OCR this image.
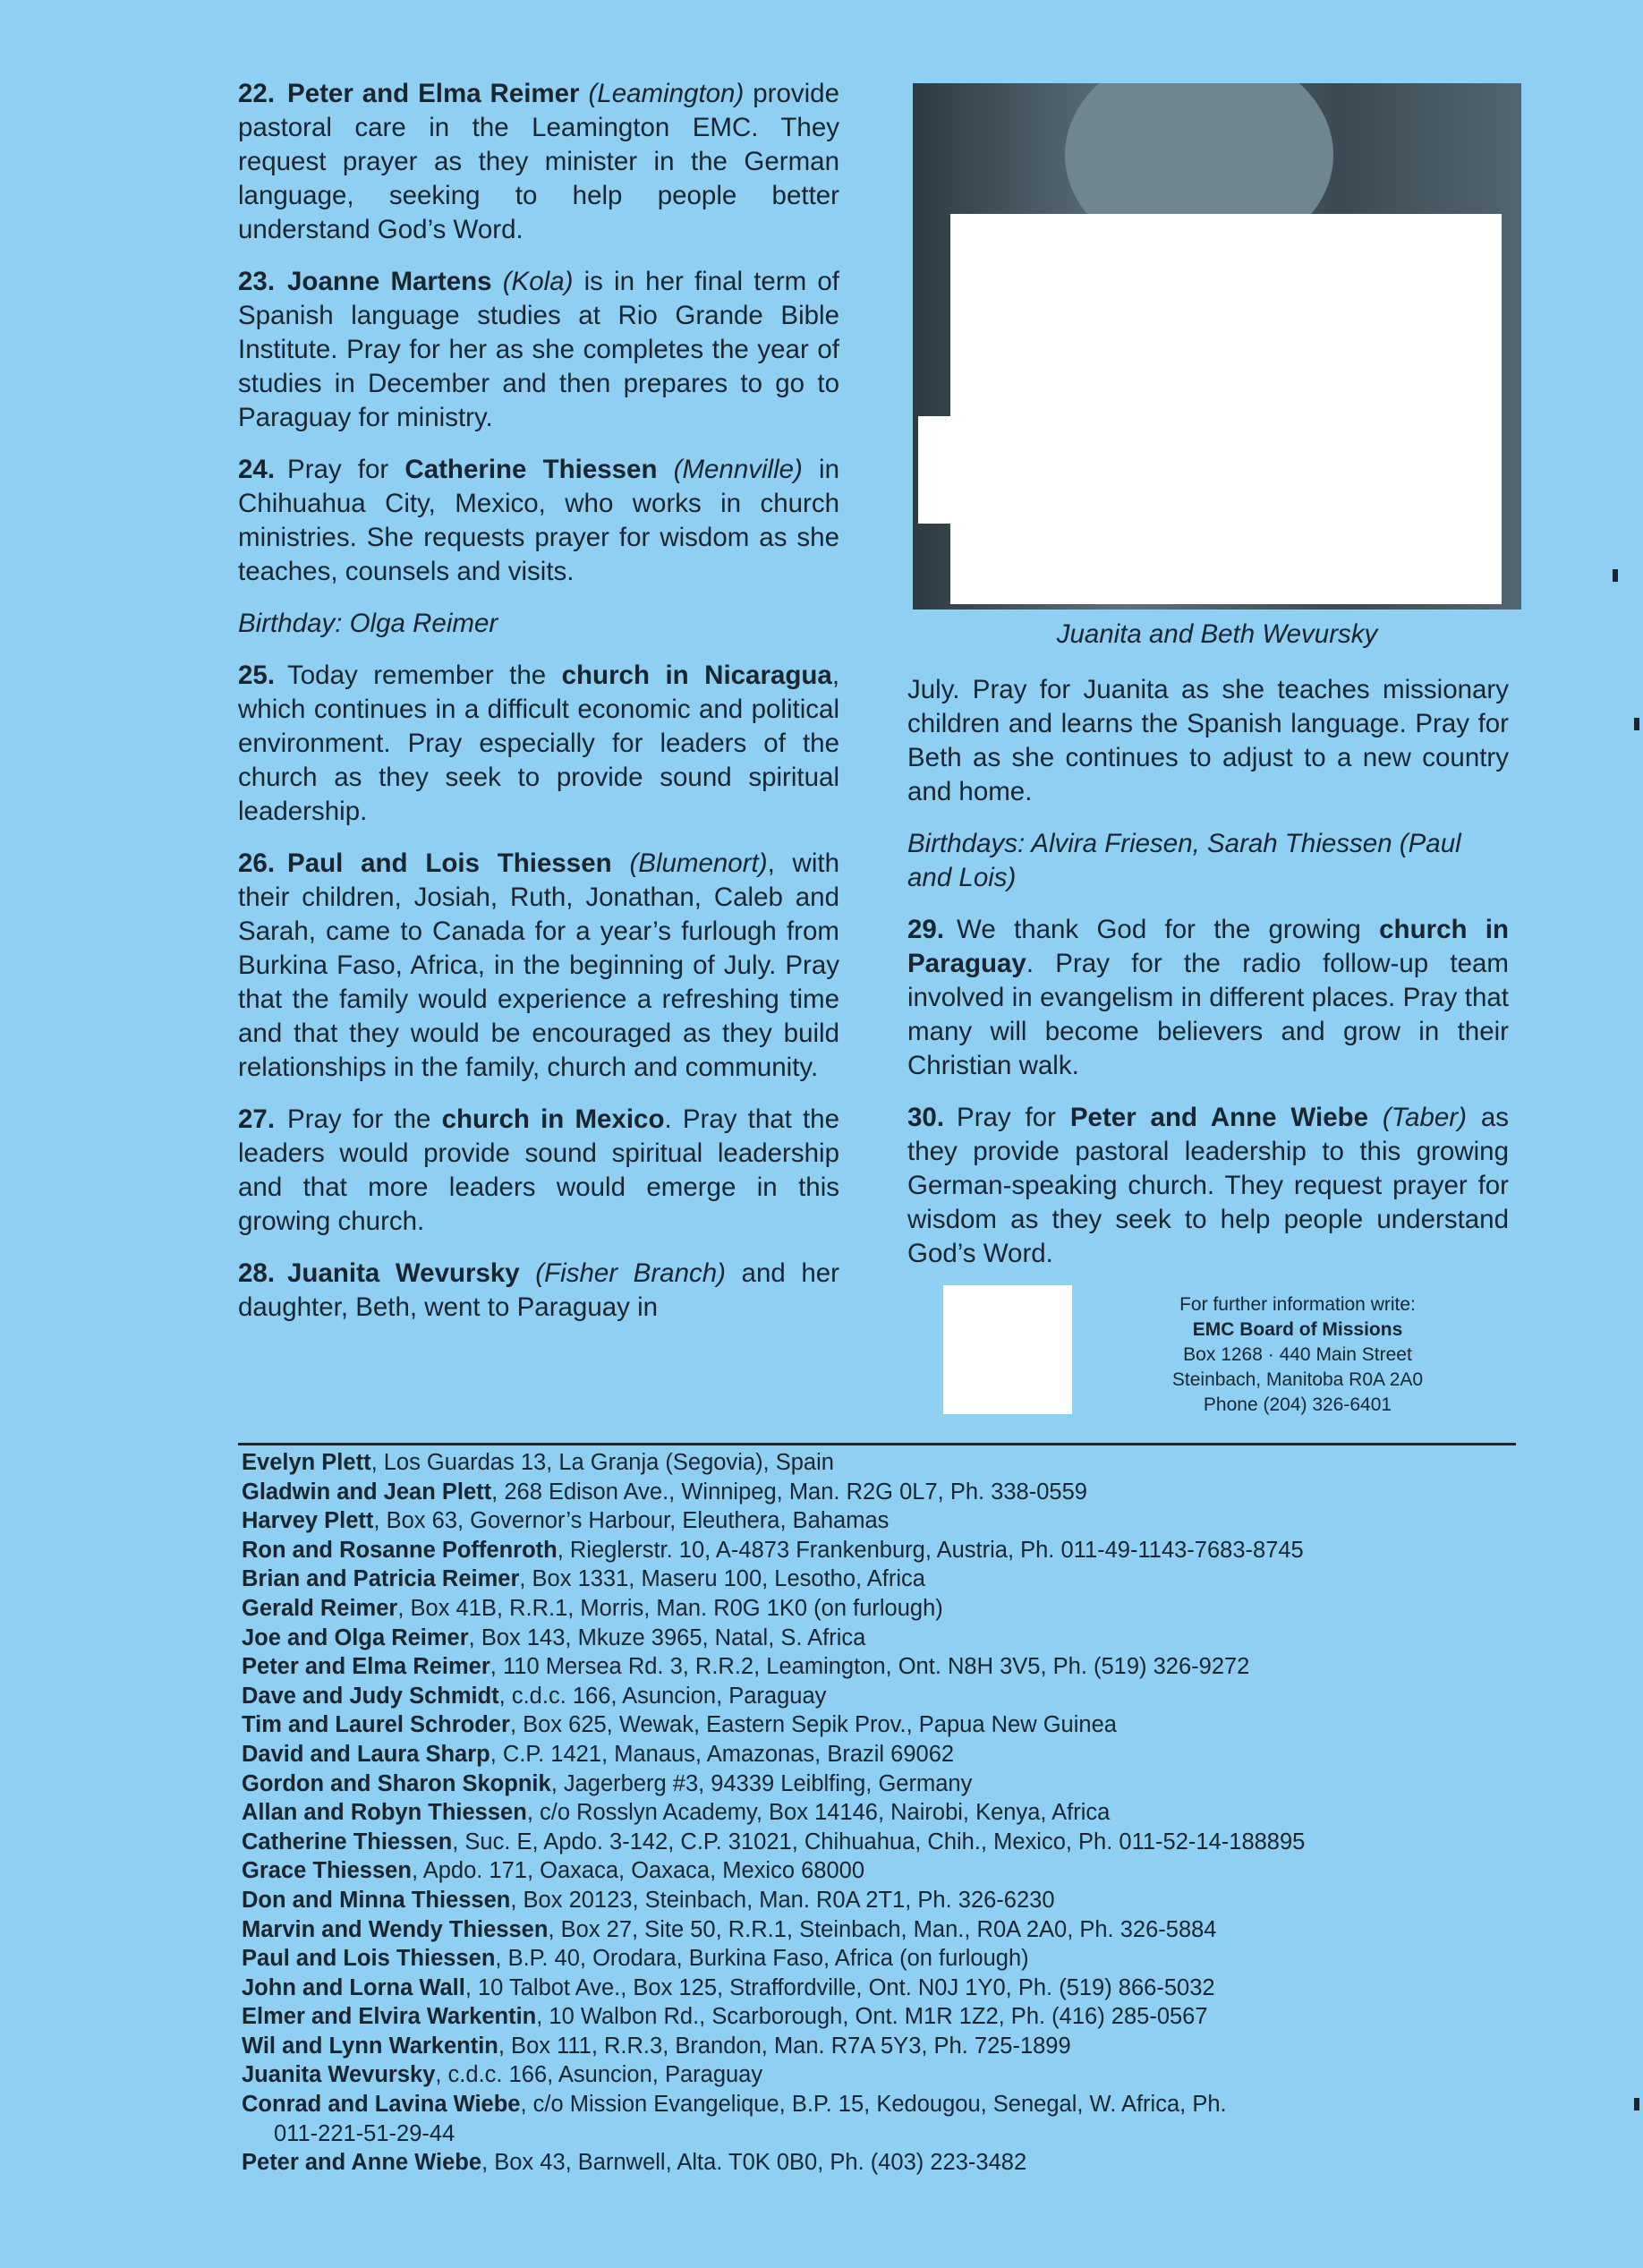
22. Peter and Elma Reimer (Leamington) provide pastoral care in the Leamington EMC. They request prayer as they minister in the German language, seeking to help people better understand God’s Word.

23. Joanne Martens (Kola) is in her final term of Spanish language studies at Rio Grande Bible Institute. Pray for her as she completes the year of studies in December and then prepares to go to Paraguay for ministry.

24. Pray for Catherine Thiessen (Mennville) in Chihuahua City, Mexico, who works in church ministries. She requests prayer for wisdom as she teaches, counsels and visits.

Birthday: Olga Reimer

25. Today remember the church in Nicaragua, which continues in a difficult economic and political environment. Pray especially for leaders of the church as they seek to provide sound spiritual leadership.

26. Paul and Lois Thiessen (Blumenort), with their children, Josiah, Ruth, Jonathan, Caleb and Sarah, came to Canada for a year’s furlough from Burkina Faso, Africa, in the beginning of July. Pray that the family would experience a refreshing time and that they would be encouraged as they build relationships in the family, church and community.

27. Pray for the church in Mexico. Pray that the leaders would provide sound spiritual leadership and that more leaders would emerge in this growing church.

28. Juanita Wevursky (Fisher Branch) and her daughter, Beth, went to Paraguay in

Juanita and Beth Wevursky

July. Pray for Juanita as she teaches missionary children and learns the Spanish language. Pray for Beth as she continues to adjust to a new country and home.

Birthdays: Alvira Friesen, Sarah Thiessen (Paul and Lois)

29. We thank God for the growing church in Paraguay. Pray for the radio follow-up team involved in evangelism in different places. Pray that many will become believers and grow in their Christian walk.

30. Pray for Peter and Anne Wiebe (Taber) as they provide pastoral leadership to this growing German-speaking church. They request prayer for wisdom as they seek to help people understand God’s Word.

For further information write:
EMC Board of Missions
Box 1268 · 440 Main Street
Steinbach, Manitoba R0A 2A0
Phone (204) 326-6401
Evelyn Plett, Los Guardas 13, La Granja (Segovia), Spain
Gladwin and Jean Plett, 268 Edison Ave., Winnipeg, Man. R2G 0L7, Ph. 338-0559
Harvey Plett, Box 63, Governor’s Harbour, Eleuthera, Bahamas
Ron and Rosanne Poffenroth, Rieglerstr. 10, A-4873 Frankenburg, Austria, Ph. 011-49-1143-7683-8745
Brian and Patricia Reimer, Box 1331, Maseru 100, Lesotho, Africa
Gerald Reimer, Box 41B, R.R.1, Morris, Man. R0G 1K0 (on furlough)
Joe and Olga Reimer, Box 143, Mkuze 3965, Natal, S. Africa
Peter and Elma Reimer, 110 Mersea Rd. 3, R.R.2, Leamington, Ont. N8H 3V5, Ph. (519) 326-9272
Dave and Judy Schmidt, c.d.c. 166, Asuncion, Paraguay
Tim and Laurel Schroder, Box 625, Wewak, Eastern Sepik Prov., Papua New Guinea
David and Laura Sharp, C.P. 1421, Manaus, Amazonas, Brazil 69062
Gordon and Sharon Skopnik, Jagerberg #3, 94339 Leiblfing, Germany
Allan and Robyn Thiessen, c/o Rosslyn Academy, Box 14146, Nairobi, Kenya, Africa
Catherine Thiessen, Suc. E, Apdo. 3-142, C.P. 31021, Chihuahua, Chih., Mexico, Ph. 011-52-14-188895
Grace Thiessen, Apdo. 171, Oaxaca, Oaxaca, Mexico 68000
Don and Minna Thiessen, Box 20123, Steinbach, Man. R0A 2T1, Ph. 326-6230
Marvin and Wendy Thiessen, Box 27, Site 50, R.R.1, Steinbach, Man., R0A 2A0, Ph. 326-5884
Paul and Lois Thiessen, B.P. 40, Orodara, Burkina Faso, Africa (on furlough)
John and Lorna Wall, 10 Talbot Ave., Box 125, Straffordville, Ont. N0J 1Y0, Ph. (519) 866-5032
Elmer and Elvira Warkentin, 10 Walbon Rd., Scarborough, Ont. M1R 1Z2, Ph. (416) 285-0567
Wil and Lynn Warkentin, Box 111, R.R.3, Brandon, Man. R7A 5Y3, Ph. 725-1899
Juanita Wevursky, c.d.c. 166, Asuncion, Paraguay
Conrad and Lavina Wiebe, c/o Mission Evangelique, B.P. 15, Kedougou, Senegal, W. Africa, Ph.
011-221-51-29-44
Peter and Anne Wiebe, Box 43, Barnwell, Alta. T0K 0B0, Ph. (403) 223-3482
